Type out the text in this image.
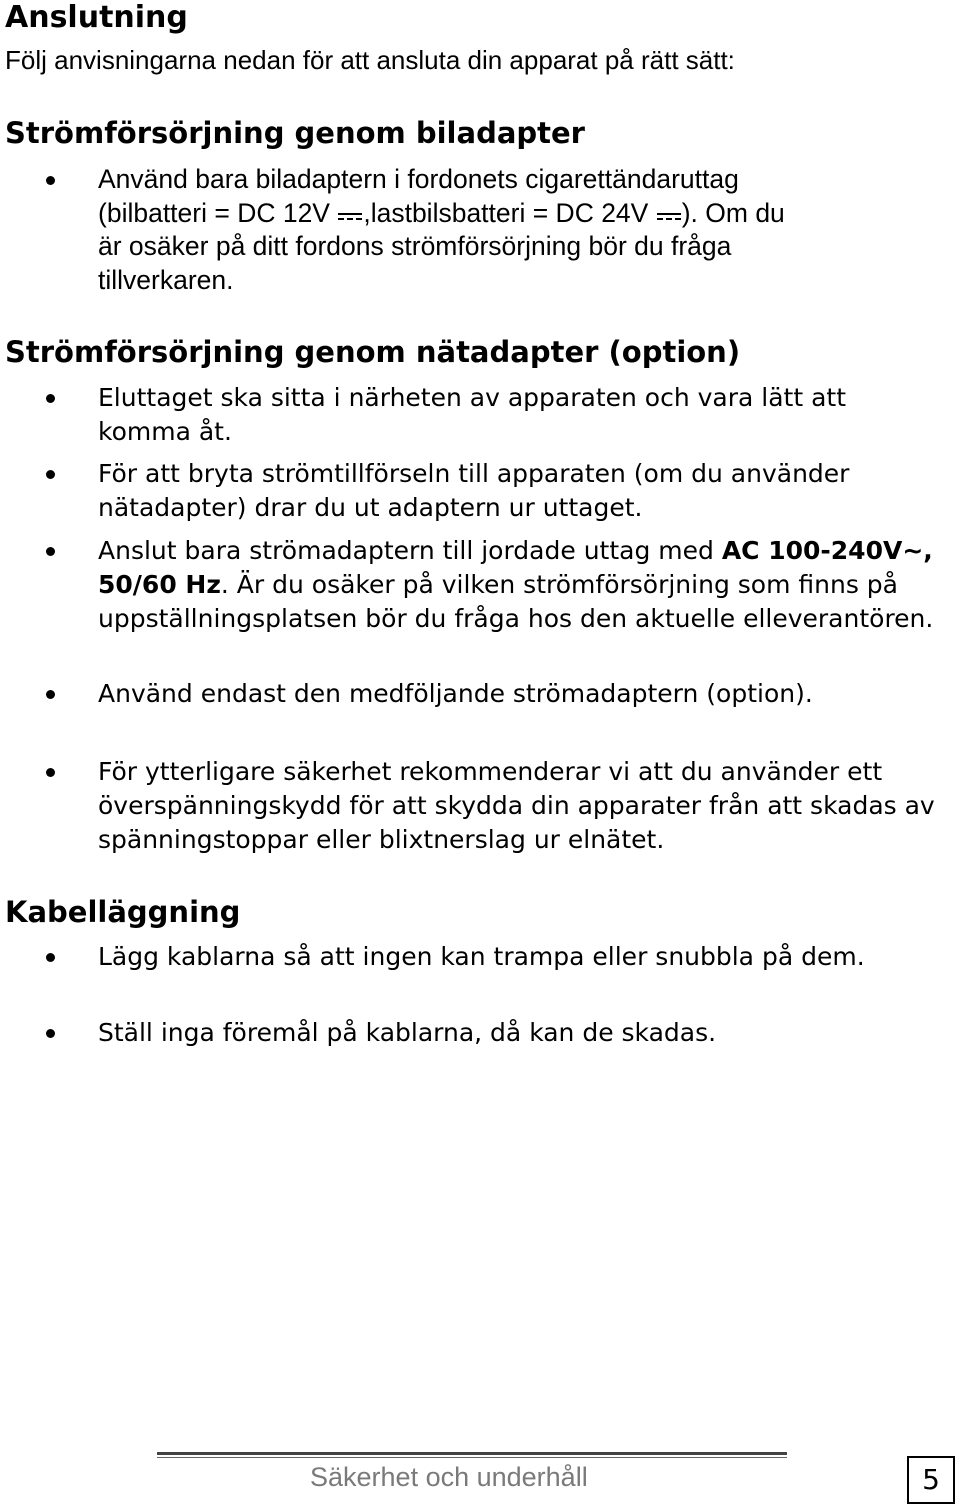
Anslutning

Följ anvisningarna nedan för att ansluta din apparat på rätt sätt:

Strömförsörjning genom biladapter
Använd bara biladaptern i fordonets cigarettändaruttag
(bilbatteri = DC 12V ,lastbilsbatteri = DC 24V ). Om du
är osäker på ditt fordons strömförsörjning bör du fråga
tillverkaren.
Strömförsörjning genom nätadapter (option)
Eluttaget ska sitta i närheten av apparaten och vara lätt att komma åt.
För att bryta strömtillförseln till apparaten (om du använder nätadapter) drar du ut adaptern ur uttaget.
Anslut bara strömadaptern till jordade uttag med AC 100-240V~, 50/60 Hz. Är du osäker på vilken strömförsörjning som finns på uppställningsplatsen bör du fråga hos den aktuelle elleverantören.
Använd endast den medföljande strömadaptern (option).
För ytterligare säkerhet rekommenderar vi att du använder ett överspänningskydd för att skydda din apparater från att skadas av spänningstoppar eller blixtnerslag ur elnätet.
Kabelläggning
Lägg kablarna så att ingen kan trampa eller snubbla på dem.
Ställ inga föremål på kablarna, då kan de skadas.

Säkerhet och underhåll	5
